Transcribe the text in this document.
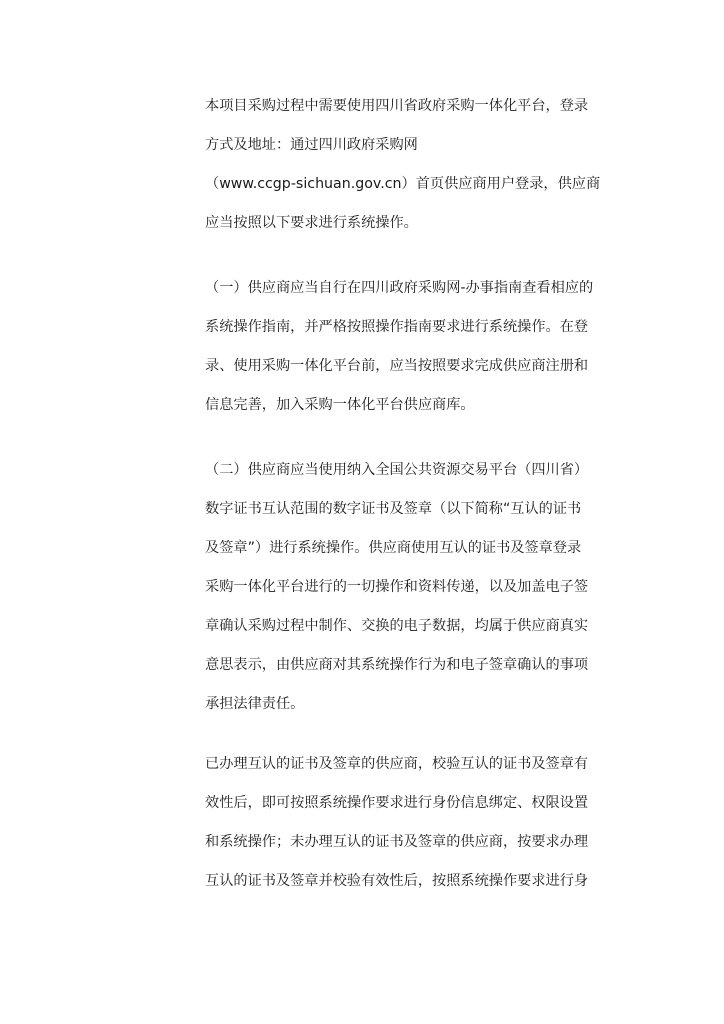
本项目采购过程中需要使用四川省政府采购一体化平台，登录
方式及地址：通过四川政府采购网
（www.ccgp-sichuan.gov.cn）首页供应商用户登录，供应商
应当按照以下要求进行系统操作。
（一）供应商应当自行在四川政府采购网-办事指南查看相应的
系统操作指南，并严格按照操作指南要求进行系统操作。在登
录、使用采购一体化平台前，应当按照要求完成供应商注册和
信息完善，加入采购一体化平台供应商库。
（二）供应商应当使用纳入全国公共资源交易平台（四川省）
数字证书互认范围的数字证书及签章（以下简称“互认的证书
及签章”）进行系统操作。供应商使用互认的证书及签章登录
采购一体化平台进行的一切操作和资料传递，以及加盖电子签
章确认采购过程中制作、交换的电子数据，均属于供应商真实
意思表示，由供应商对其系统操作行为和电子签章确认的事项
承担法律责任。
已办理互认的证书及签章的供应商，校验互认的证书及签章有
效性后，即可按照系统操作要求进行身份信息绑定、权限设置
和系统操作；未办理互认的证书及签章的供应商，按要求办理
互认的证书及签章并校验有效性后，按照系统操作要求进行身
